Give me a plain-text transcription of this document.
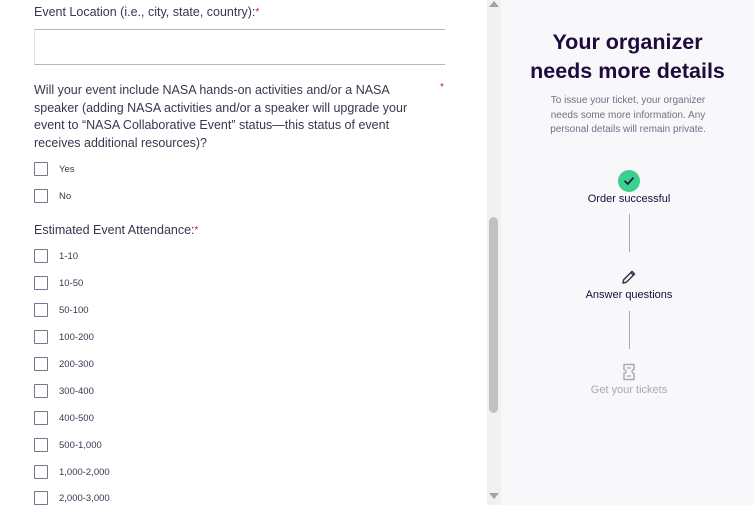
Event Location (i.e., city, state, country):*
Will your event include NASA hands-on activities and/or a NASA speaker (adding NASA activities and/or a speaker will upgrade your event to “NASA Collaborative Event” status—this status of event receives additional resources)?
*
Yes
No
Estimated Event Attendance:*
1-10
10-50
50-100
100-200
200-300
300-400
400-500
500-1,000
1,000-2,000
2,000-3,000
Your organizer
needs more details
To issue your ticket, your organizer needs some more information. Any personal details will remain private.
Order successful
Answer questions
Get your tickets
